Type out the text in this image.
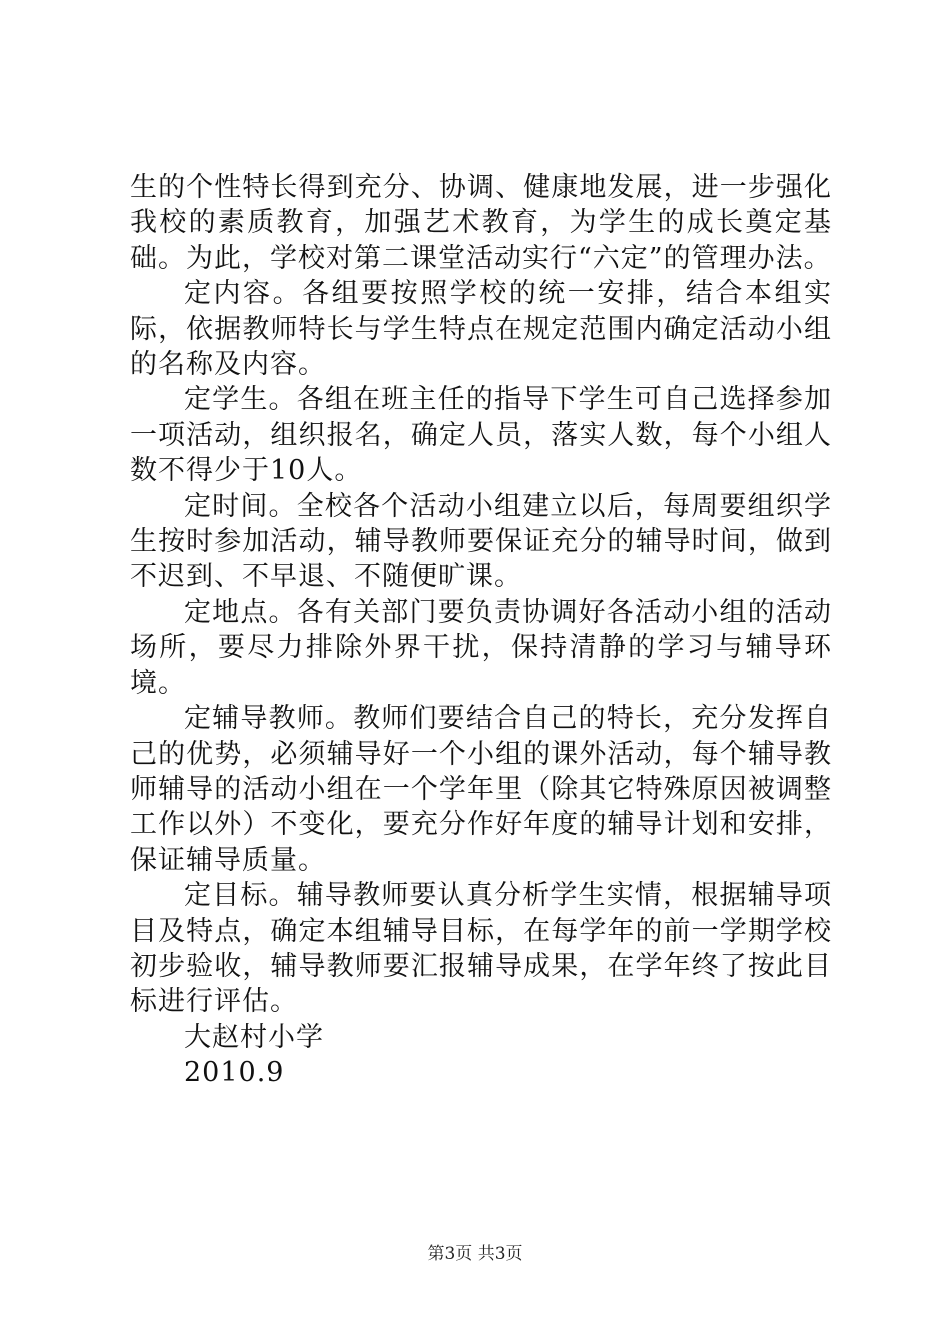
生的个性特长得到充分、协调、健康地发展，进一步强化我校的素质教育，加强艺术教育，为学生的成长奠定基础。为此，学校对第二课堂活动实行“六定”的管理办法。

定内容。各组要按照学校的统一安排，结合本组实际，依据教师特长与学生特点在规定范围内确定活动小组的名称及内容。

定学生。各组在班主任的指导下学生可自己选择参加一项活动，组织报名，确定人员，落实人数，每个小组人数不得少于10人。

定时间。全校各个活动小组建立以后，每周要组织学生按时参加活动，辅导教师要保证充分的辅导时间，做到不迟到、不早退、不随便旷课。

定地点。各有关部门要负责协调好各活动小组的活动场所，要尽力排除外界干扰，保持清静的学习与辅导环境。

定辅导教师。教师们要结合自己的特长，充分发挥自己的优势，必须辅导好一个小组的课外活动，每个辅导教师辅导的活动小组在一个学年里（除其它特殊原因被调整工作以外）不变化，要充分作好年度的辅导计划和安排，保证辅导质量。

定目标。辅导教师要认真分析学生实情，根据辅导项目及特点，确定本组辅导目标，在每学年的前一学期学校初步验收，辅导教师要汇报辅导成果，在学年终了按此目标进行评估。

大赵村小学

2010.9

第3页 共3页
